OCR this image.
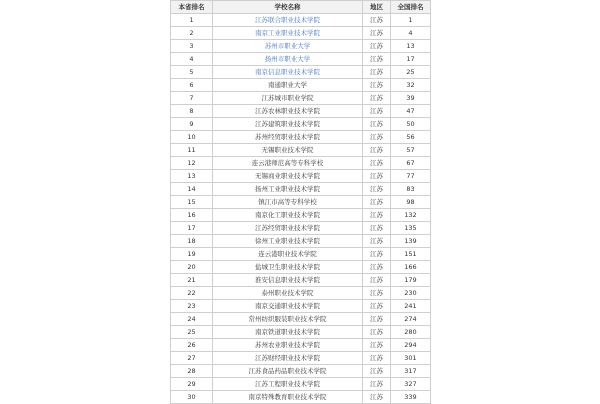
本省排名	学校名称	地区	全国排名
1	江苏联合职业技术学院	江苏	1
2	南京工业职业技术学院	江苏	4
3	苏州市职业大学	江苏	13
4	扬州市职业大学	江苏	17
5	南京信息职业技术学院	江苏	25
6	南通职业大学	江苏	32
7	江苏城市职业学院	江苏	39
8	江苏农林职业技术学院	江苏	47
9	江苏建筑职业技术学院	江苏	50
10	苏州经贸职业技术学院	江苏	56
11	无锡职业技术学院	江苏	57
12	连云港师范高等专科学校	江苏	67
13	无锡商业职业技术学院	江苏	77
14	扬州工业职业技术学院	江苏	83
15	镇江市高等专科学校	江苏	98
16	南京化工职业技术学院	江苏	132
17	江苏经贸职业技术学院	江苏	135
18	徐州工业职业技术学院	江苏	139
19	连云港职业技术学院	江苏	151
20	盐城卫生职业技术学院	江苏	166
21	淮安信息职业技术学院	江苏	179
22	泰州职业技术学院	江苏	230
23	南京交通职业技术学院	江苏	241
24	常州纺织服装职业技术学院	江苏	274
25	南京铁道职业技术学院	江苏	280
26	苏州农业职业技术学院	江苏	294
27	江苏财经职业技术学院	江苏	301
28	江苏食品药品职业技术学院	江苏	317
29	江苏工程职业技术学院	江苏	327
30	南京特殊教育职业技术学院	江苏	339
